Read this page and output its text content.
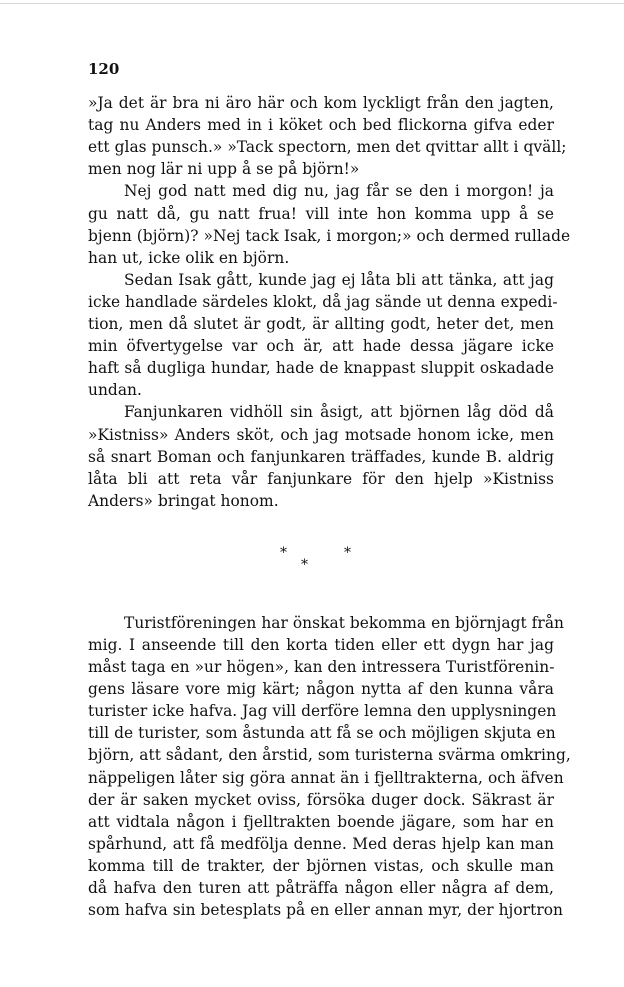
120
»Ja det är bra ni äro här och kom lyckligt från den jagten,
tag nu Anders med in i köket och bed flickorna gifva eder
ett glas punsch.» »Tack spectorn, men det qvittar allt i qväll;
men nog lär ni upp å se på björn!»
Nej god natt med dig nu, jag får se den i morgon! ja
gu natt då, gu natt frua! vill inte hon komma upp å se
bjenn (björn)? »Nej tack Isak, i morgon;» och dermed rullade
han ut, icke olik en björn.
Sedan Isak gått, kunde jag ej låta bli att tänka, att jag
icke handlade särdeles klokt, då jag sände ut denna expedi-
tion, men då slutet är godt, är allting godt, heter det, men
min öfvertygelse var och är, att hade dessa jägare icke
haft så dugliga hundar, hade de knappast sluppit oskadade
undan.
Fanjunkaren vidhöll sin åsigt, att björnen låg död då
»Kistniss» Anders sköt, och jag motsade honom icke, men
så snart Boman och fanjunkaren träffades, kunde B. aldrig
låta bli att reta vår fanjunkare för den hjelp »Kistniss
Anders» bringat honom.
*
*
*
Turistföreningen har önskat bekomma en björnjagt från
mig. I anseende till den korta tiden eller ett dygn har jag
måst taga en »ur högen», kan den intressera Turistförenin-
gens läsare vore mig kärt; någon nytta af den kunna våra
turister icke hafva. Jag vill derföre lemna den upplysningen
till de turister, som åstunda att få se och möjligen skjuta en
björn, att sådant, den årstid, som turisterna svärma omkring,
näppeligen låter sig göra annat än i fjelltrakterna, och äfven
der är saken mycket oviss, försöka duger dock. Säkrast är
att vidtala någon i fjelltrakten boende jägare, som har en
spårhund, att få medfölja denne. Med deras hjelp kan man
komma till de trakter, der björnen vistas, och skulle man
då hafva den turen att påträffa någon eller några af dem,
som hafva sin betesplats på en eller annan myr, der hjortron
